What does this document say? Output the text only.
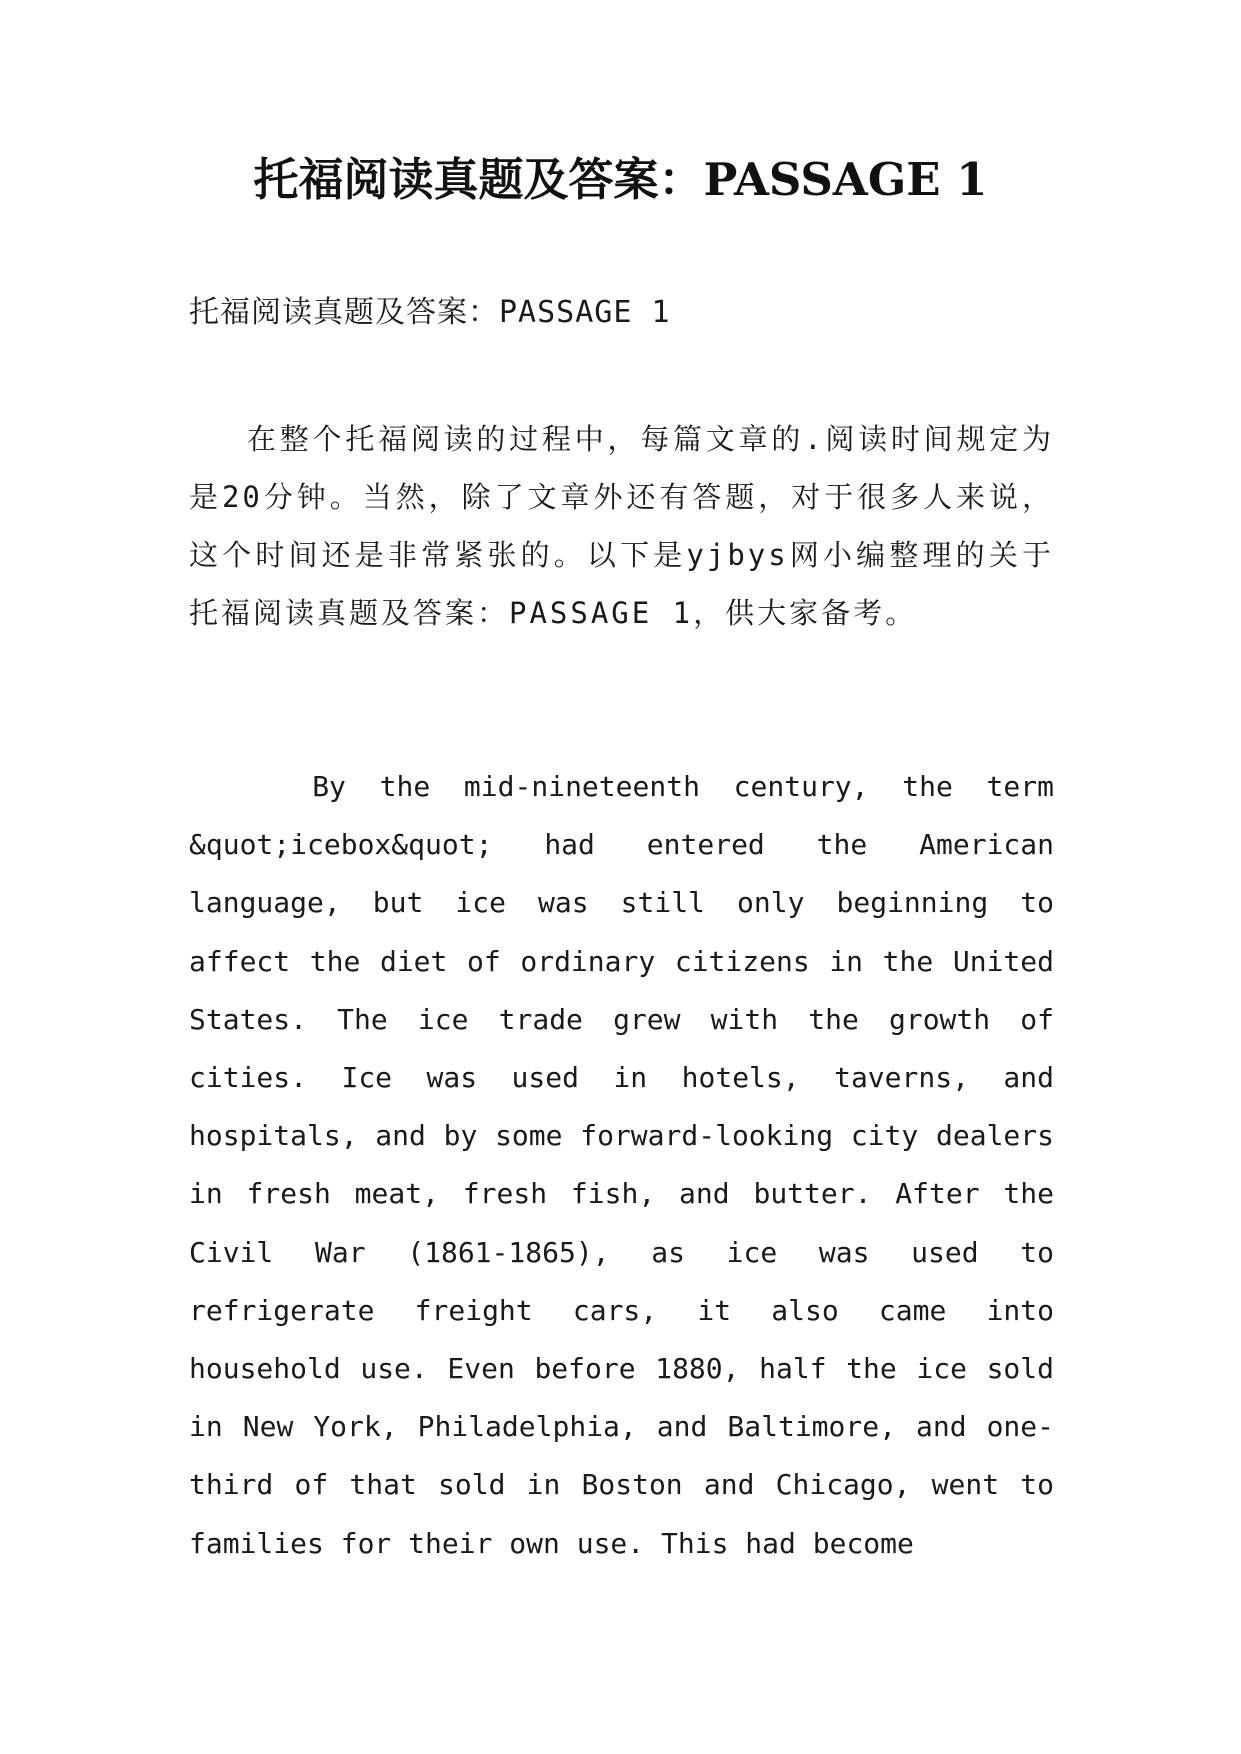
托福阅读真题及答案：PASSAGE 1

托福阅读真题及答案：PASSAGE 1

在整个托福阅读的过程中，每篇文章的.阅读时间规定为是20分钟。当然，除了文章外还有答题，对于很多人来说，这个时间还是非常紧张的。以下是yjbys网小编整理的关于托福阅读真题及答案：PASSAGE 1，供大家备考。

By the mid-nineteenth century, the term &quot;icebox&quot; had entered the American language, but ice was still only beginning to affect the diet of ordinary citizens in the United States. The ice trade grew with the growth of cities. Ice was used in hotels, taverns, and hospitals, and by some forward-looking city dealers in fresh meat, fresh fish, and butter. After the Civil War (1861-1865), as ice was used to refrigerate freight cars, it also came into household use. Even before 1880, half the ice sold in New York, Philadelphia, and Baltimore, and one-third of that sold in Boston and Chicago, went to families for their own use. This had become
